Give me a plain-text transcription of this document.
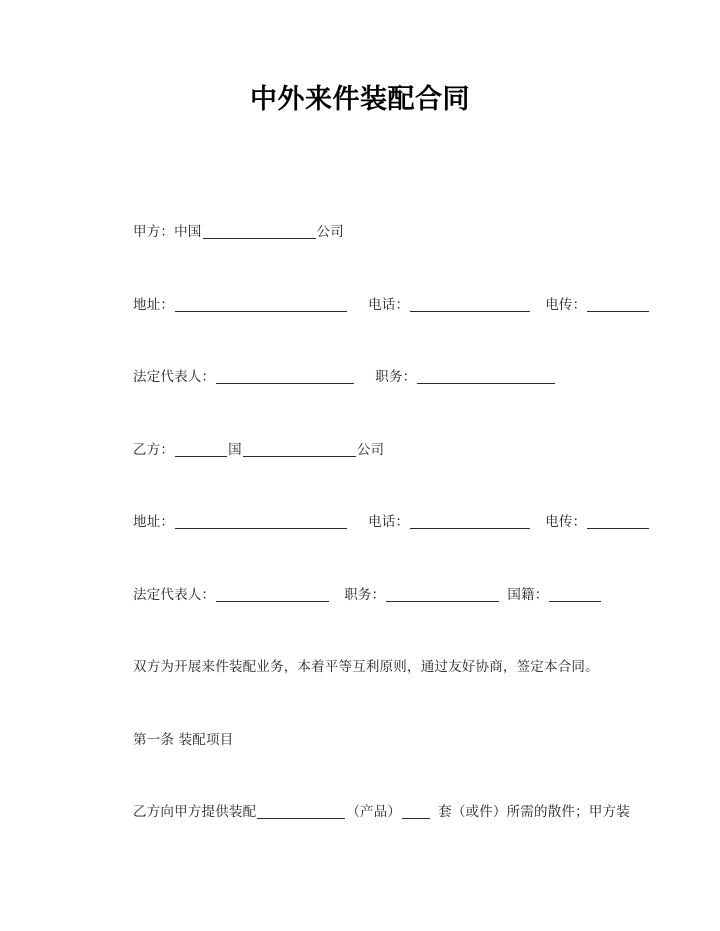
中外来件装配合同

甲方：中国	公司

地址：	电话：	电传：

法定代表人：	职务：

乙方：	国	公司

地址：	电话：	电传：

法定代表人：	职务：	国籍：

双方为开展来件装配业务，本着平等互利原则，通过友好协商，签定本合同。

第一条 装配项目

乙方向甲方提供装配	（产品）	套（或件）所需的散件；甲方装
